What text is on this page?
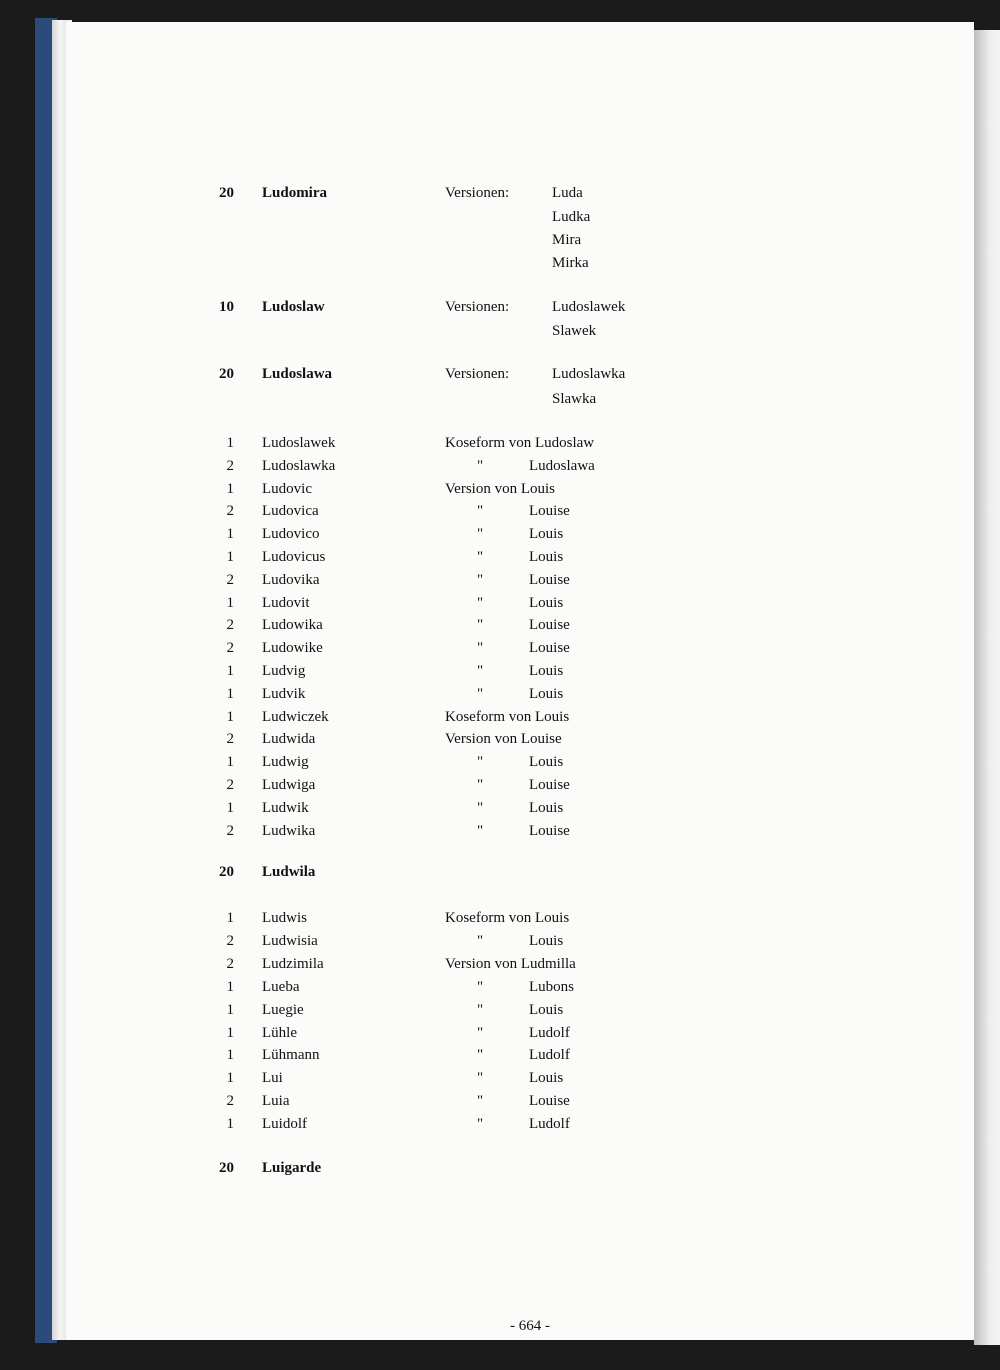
20 Ludomira	Versionen:	Luda
Ludka
Mira
Mirka
10 Ludoslaw	Versionen:	Ludoslawek
Slawek
20 Ludoslawa	Versionen:	Ludoslawka
Slawka
1 Ludoslawek	Koseform von Ludoslaw
2 Ludoslawka	"	Ludoslawa
1 Ludovic	Version von Louis
2 Ludovica	"	Louise
1 Ludovico	"	Louis
1 Ludovicus	"	Louis
2 Ludovika	"	Louise
1 Ludovit	"	Louis
2 Ludowika	"	Louise
2 Ludowike	"	Louise
1 Ludvig	"	Louis
1 Ludvik	"	Louis
1 Ludwiczek	Koseform von Louis
2 Ludwida	Version von Louise
1 Ludwig	"	Louis
2 Ludwiga	"	Louise
1 Ludwik	"	Louis
2 Ludwika	"	Louise
20 Ludwila
1 Ludwis	Koseform von Louis
2 Ludwisia	"	Louis
2 Ludzimila	Version von Ludmilla
1 Lueba	"	Lubons
1 Luegie	"	Louis
1 Lühle	"	Ludolf
1 Lühmann	"	Ludolf
1 Lui	"	Louis
2 Luia	"	Louise
1 Luidolf	"	Ludolf
20 Luigarde
- 664 -
